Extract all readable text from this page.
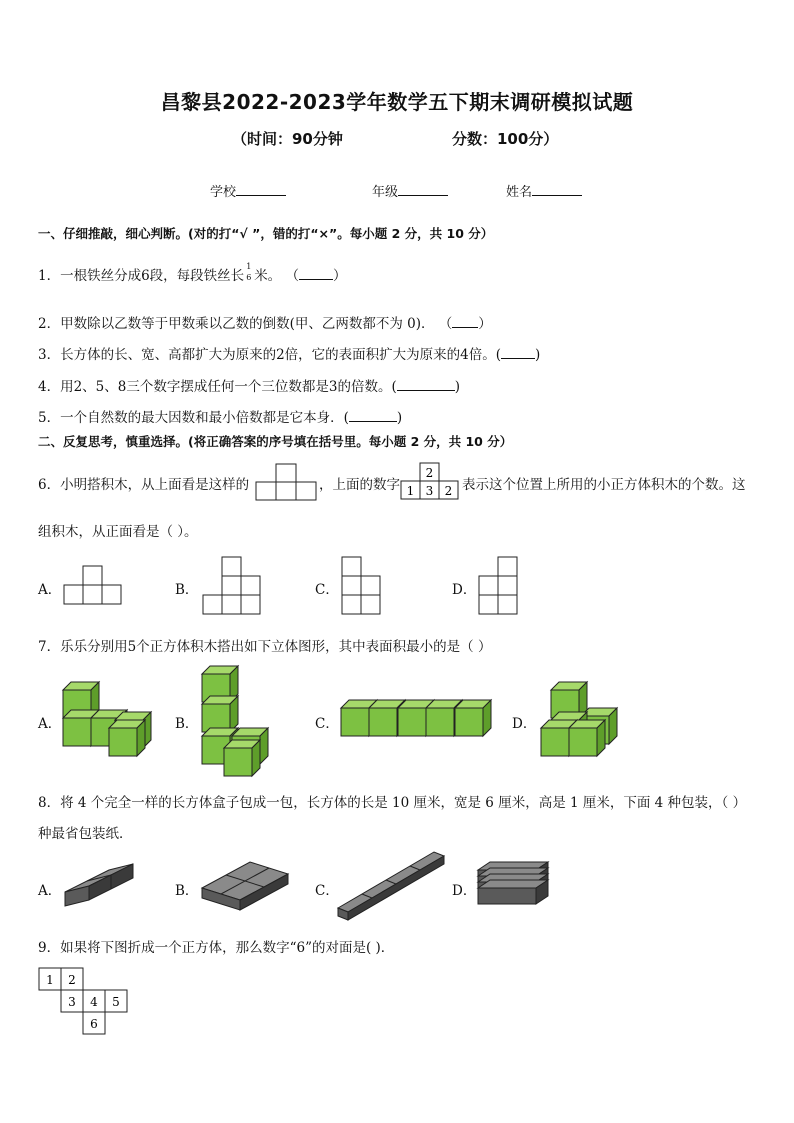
昌黎县2022-2023学年数学五下期末调研模拟试题
（时间：90分钟	分数：100分）
学校	年级	姓名
一、仔细推敲，细心判断。(对的打“√ ”，错的打“×”。每小题 2 分，共 10 分）
1．一根铁丝分成6段，每段铁丝长
1
6 米。 （	）
2．甲数除以乙数等于甲数乘以乙数的倒数(甲、乙两数都不为 0)． （ ）
3．长方体的长、宽、高都扩大为原来的2倍，它的表面积扩大为原来的4倍。(	)
4．用2、5、8三个数字摆成任何一个三位数都是3的倍数。(	)
5．一个自然数的最大因数和最小倍数都是它本身．(	)
二、反复思考，慎重选择。(将正确答案的序号填在括号里。每小题 2 分，共 10 分）
6．小明搭积木，从上面看是这样的	，上面的数字
2
1 3 2 表示这个位置上所用的小正方体积木的个数。这
组积木，从正面看是（ ）。
A．	B．	C．	D．
7．乐乐分别用5个正方体积木搭出如下立体图形，其中表面积最小的是（ ）
A．	B．	C．	D．
8．将 4 个完全一样的长方体盒子包成一包，长方体的长是 10 厘米，宽是 6 厘米，高是 1 厘米，下面 4 种包装，（ ）
种最省包装纸．
A．	B．	C．	D．
9．如果将下图折成一个正方体，那么数字“6”的对面是( )．
1 2
3 4 5
6
